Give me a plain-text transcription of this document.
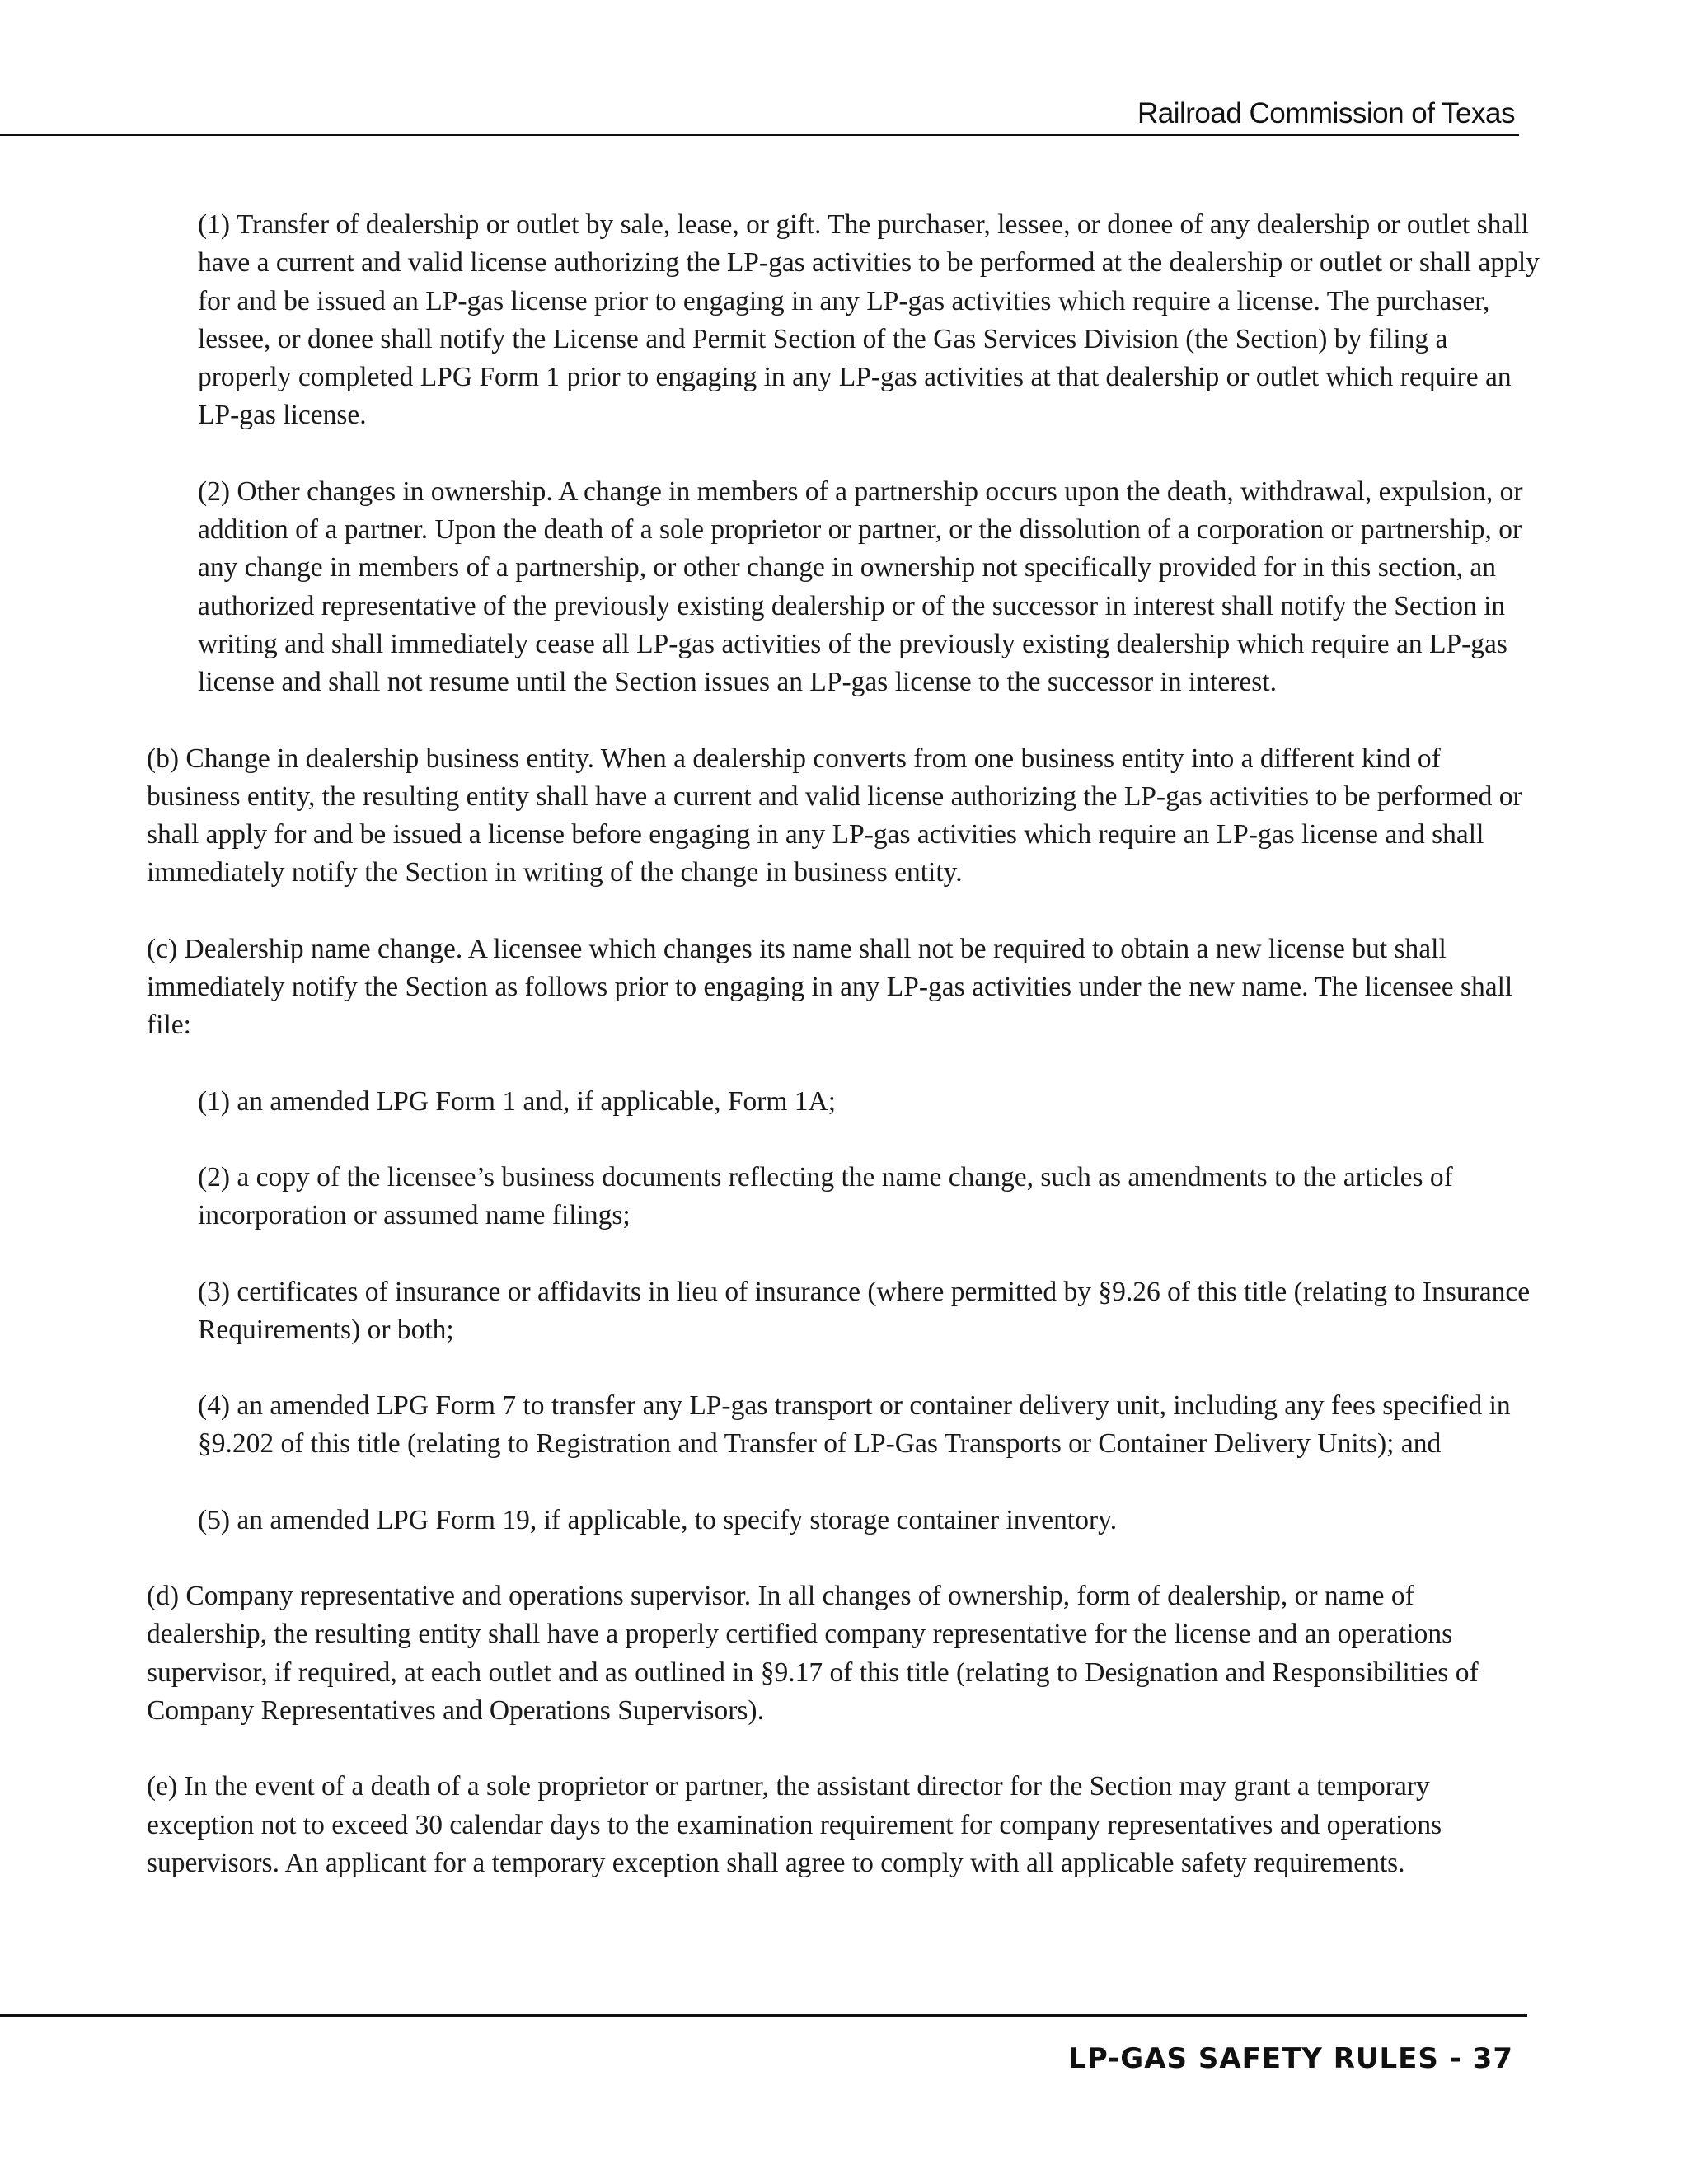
Railroad Commission of Texas

(1) Transfer of dealership or outlet by sale, lease, or gift. The purchaser, lessee, or donee of any dealership or outlet shall have a current and valid license authorizing the LP-gas activities to be performed at the dealership or outlet or shall apply for and be issued an LP-gas license prior to engaging in any LP-gas activities which require a license. The purchaser, lessee, or donee shall notify the License and Permit Section of the Gas Services Division (the Section) by filing a properly completed LPG Form 1 prior to engaging in any LP-gas activities at that dealership or outlet which require an LP-gas license.

(2) Other changes in ownership. A change in members of a partnership occurs upon the death, withdrawal, expulsion, or addition of a partner. Upon the death of a sole proprietor or partner, or the dissolution of a corporation or partnership, or any change in members of a partnership, or other change in ownership not specifically provided for in this section, an authorized representative of the previously existing dealership or of the successor in interest shall notify the Section in writing and shall immediately cease all LP-gas activities of the previously existing dealership which require an LP-gas license and shall not resume until the Section issues an LP-gas license to the successor in interest.

(b) Change in dealership business entity. When a dealership converts from one business entity into a different kind of business entity, the resulting entity shall have a current and valid license authorizing the LP-gas activities to be performed or shall apply for and be issued a license before engaging in any LP-gas activities which require an LP-gas license and shall immediately notify the Section in writing of the change in business entity.

(c) Dealership name change. A licensee which changes its name shall not be required to obtain a new license but shall immediately notify the Section as follows prior to engaging in any LP-gas activities under the new name. The licensee shall file:

(1) an amended LPG Form 1 and, if applicable, Form 1A;

(2) a copy of the licensee’s business documents reflecting the name change, such as amendments to the articles of incorporation or assumed name filings;

(3) certificates of insurance or affidavits in lieu of insurance (where permitted by §9.26 of this title (relating to Insurance Requirements) or both;

(4) an amended LPG Form 7 to transfer any LP-gas transport or container delivery unit, including any fees specified in §9.202 of this title (relating to Registration and Transfer of LP-Gas Transports or Container Delivery Units); and

(5) an amended LPG Form 19, if applicable, to specify storage container inventory.

(d) Company representative and operations supervisor. In all changes of ownership, form of dealership, or name of dealership, the resulting entity shall have a properly certified company representative for the license and an operations supervisor, if required, at each outlet and as outlined in §9.17 of this title (relating to Designation and Responsibilities of Company Representatives and Operations Supervisors).

(e) In the event of a death of a sole proprietor or partner, the assistant director for the Section may grant a temporary exception not to exceed 30 calendar days to the examination requirement for company representatives and operations supervisors. An applicant for a temporary exception shall agree to comply with all applicable safety requirements.

LP-GAS SAFETY RULES - 37
